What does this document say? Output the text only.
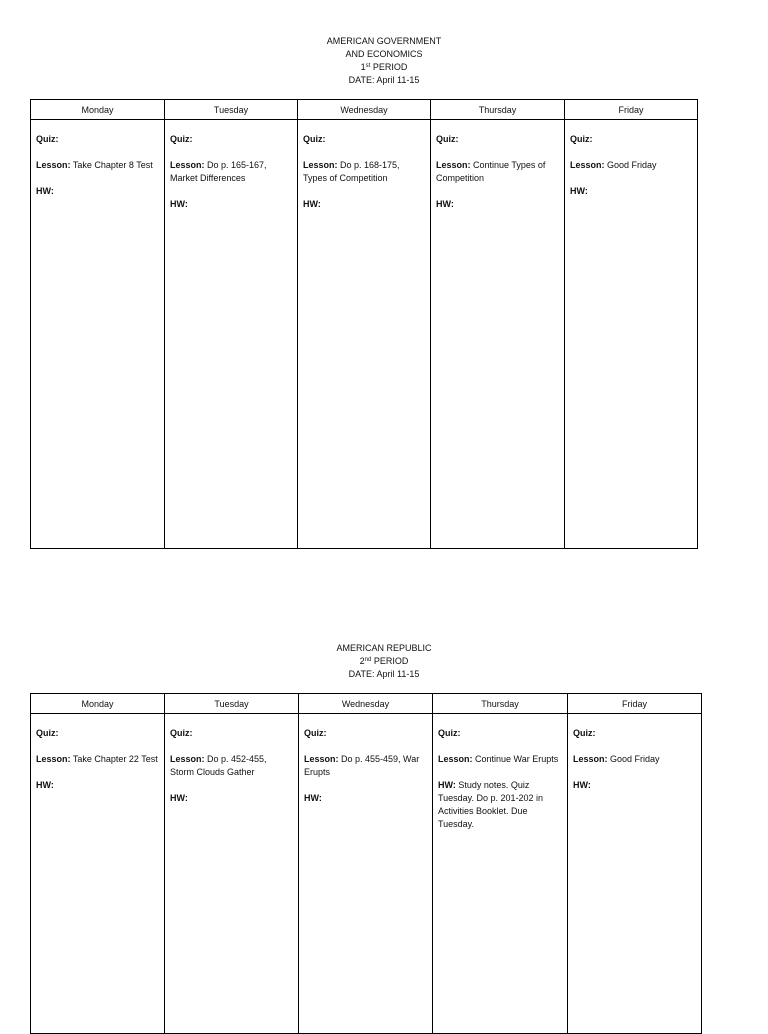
AMERICAN GOVERNMENT
AND ECONOMICS
1st PERIOD
DATE: April 11-15
Monday	Tuesday	Wednesday	Thursday	Friday

Quiz:
Lesson: Take Chapter 8 Test
HW:	Quiz:
Lesson: Do p. 165-167, Market Differences
HW:	Quiz:
Lesson: Do p. 168-175, Types of Competition
HW:	Quiz:
Lesson: Continue Types of Competition
HW:	Quiz:
Lesson: Good Friday
HW:
AMERICAN REPUBLIC
2nd PERIOD
DATE: April 11-15
Monday	Tuesday	Wednesday	Thursday	Friday

Quiz:
Lesson: Take Chapter 22 Test
HW:	Quiz:
Lesson: Do p. 452-455, Storm Clouds Gather
HW:	Quiz:
Lesson: Do p. 455-459, War Erupts
HW:	Quiz:
Lesson: Continue War Erupts
HW: Study notes. Quiz Tuesday. Do p. 201-202 in Activities Booklet. Due Tuesday.	Quiz:
Lesson: Good Friday
HW:
